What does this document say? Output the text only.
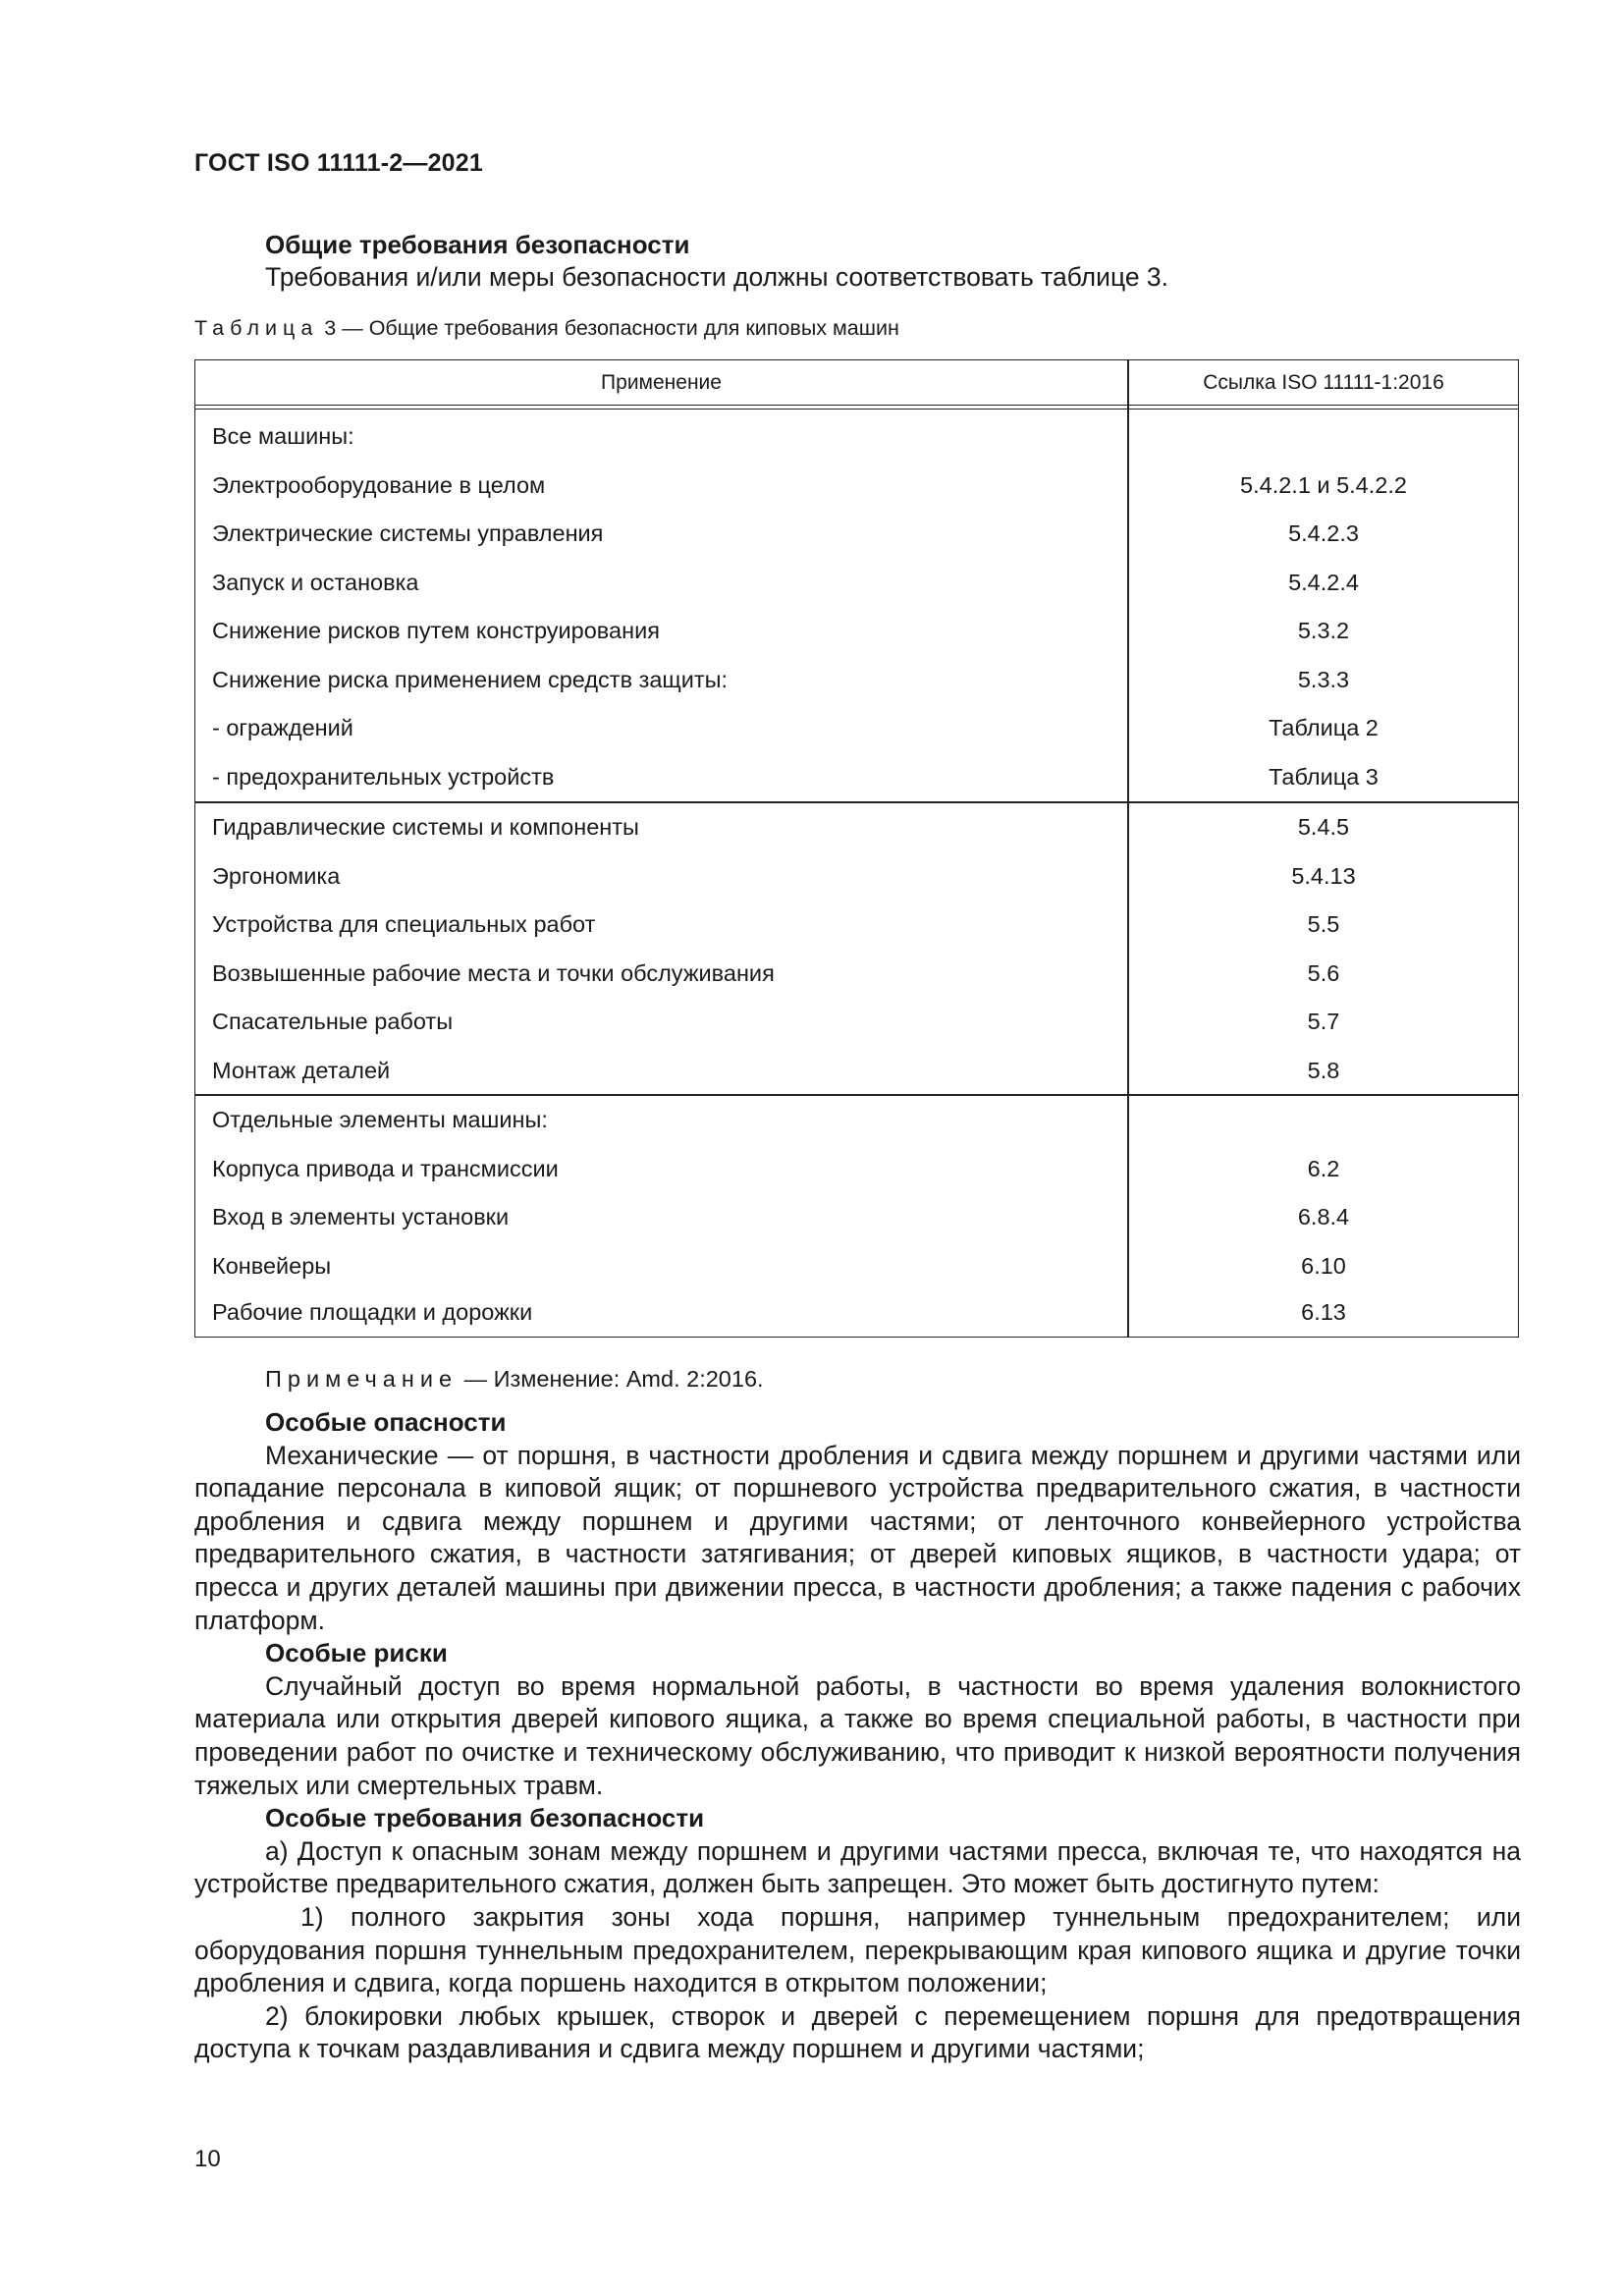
ГОСТ ISO 11111-2—2021
Общие требования безопасности
Требования и/или меры безопасности должны соответствовать таблице 3.
Таблица 3 — Общие требования безопасности для киповых машин
Применение	Ссылка ISO 11111-1:2016
Все машины:
Электрооборудование в целом	5.4.2.1 и 5.4.2.2
Электрические системы управления	5.4.2.3
Запуск и остановка	5.4.2.4
Снижение рисков путем конструирования	5.3.2
Снижение риска применением средств защиты:	5.3.3
- ограждений	Таблица 2
- предохранительных устройств	Таблица 3
Гидравлические системы и компоненты	5.4.5
Эргономика	5.4.13
Устройства для специальных работ	5.5
Возвышенные рабочие места и точки обслуживания	5.6
Спасательные работы	5.7
Монтаж деталей	5.8
Отдельные элементы машины:
Корпуса привода и трансмиссии	6.2
Вход в элементы установки	6.8.4
Конвейеры	6.10
Рабочие площадки и дорожки	6.13
Примечание — Изменение: Amd. 2:2016.
Особые опасности
Механические — от поршня, в частности дробления и сдвига между поршнем и другими частями или попадание персонала в киповой ящик; от поршневого устройства предварительного сжатия, в частности дробления и сдвига между поршнем и другими частями; от ленточного конвейерного устройства предварительного сжатия, в частности затягивания; от дверей киповых ящиков, в частности удара; от пресса и других деталей машины при движении пресса, в частности дробления; а также падения с рабочих платформ.
Особые риски
Случайный доступ во время нормальной работы, в частности во время удаления волокнистого материала или открытия дверей кипового ящика, а также во время специальной работы, в частности при проведении работ по очистке и техническому обслуживанию, что приводит к низкой вероятности получения тяжелых или смертельных травм.
Особые требования безопасности
а) Доступ к опасным зонам между поршнем и другими частями пресса, включая те, что находятся на устройстве предварительного сжатия, должен быть запрещен. Это может быть достигнуто путем:
1) полного закрытия зоны хода поршня, например туннельным предохранителем; или оборудования поршня туннельным предохранителем, перекрывающим края кипового ящика и другие точки дробления и сдвига, когда поршень находится в открытом положении;
2) блокировки любых крышек, створок и дверей с перемещением поршня для предотвращения доступа к точкам раздавливания и сдвига между поршнем и другими частями;
10
